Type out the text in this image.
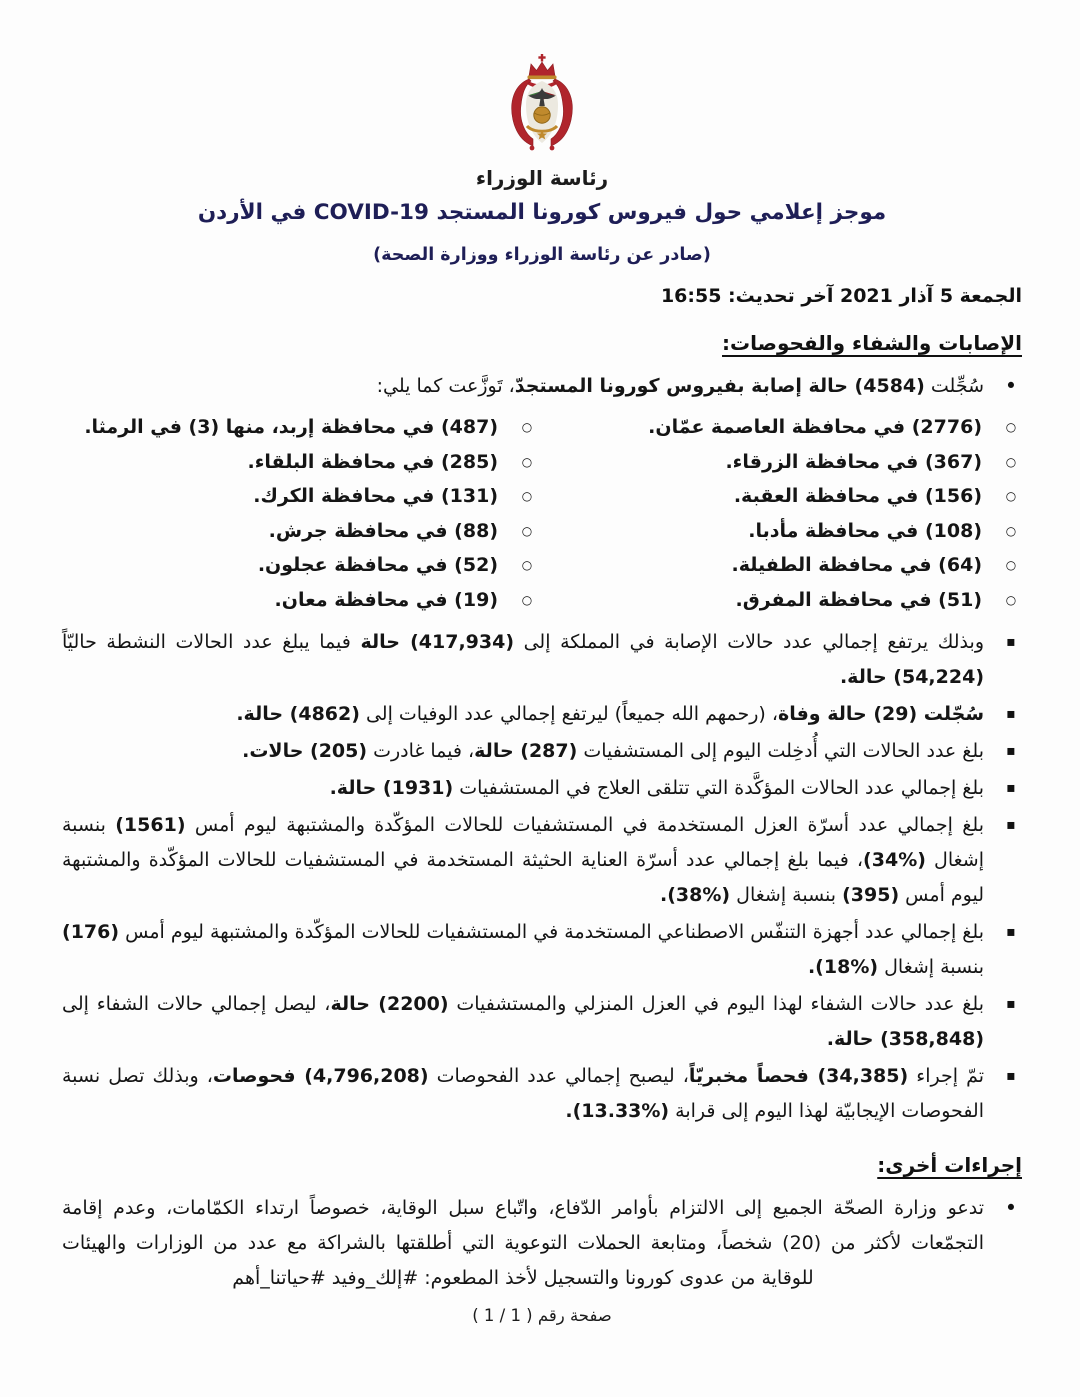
رئاسة الوزراء
موجز إعلامي حول فيروس كورونا المستجد COVID-19 في الأردن
(صادر عن رئاسة الوزراء ووزارة الصحة)
الجمعة 5 آذار 2021 آخر تحديث: 16:55
الإصابات والشفاء والفحوصات:
•
سُجِّلت (4584) حالة إصابة بفيروس كورونا المستجدّ، تَوزَّعت كما يلي:
○
(2776) في محافظة العاصمة عمّان.
○
(487) في محافظة إربد، منها (3) في الرمثا.
○
(367) في محافظة الزرقاء.
○
(285) في محافظة البلقاء.
○
(156) في محافظة العقبة.
○
(131) في محافظة الكرك.
○
(108) في محافظة مأدبا.
○
(88) في محافظة جرش.
○
(64) في محافظة الطفيلة.
○
(52) في محافظة عجلون.
○
(51) في محافظة المفرق.
○
(19) في محافظة معان.
▪
وبذلك يرتفع إجمالي عدد حالات الإصابة في المملكة إلى (417,934) حالة فيما يبلغ عدد الحالات النشطة حاليّاً (54,224) حالة.
▪
سُجّلت (29) حالة وفاة، (رحمهم الله جميعاً) ليرتفع إجمالي عدد الوفيات إلى (4862) حالة.
▪
بلغ عدد الحالات التي أُدخِلت اليوم إلى المستشفيات (287) حالة، فيما غادرت (205) حالات.
▪
بلغ إجمالي عدد الحالات المؤكَّدة التي تتلقى العلاج في المستشفيات (1931) حالة.
▪
بلغ إجمالي عدد أسرّة العزل المستخدمة في المستشفيات للحالات المؤكّدة والمشتبهة ليوم أمس (1561) بنسبة إشغال (%34)، فيما بلغ إجمالي عدد أسرّة العناية الحثيثة المستخدمة في المستشفيات للحالات المؤكّدة والمشتبهة ليوم أمس (395) بنسبة إشغال (%38).
▪
بلغ إجمالي عدد أجهزة التنفّس الاصطناعي المستخدمة في المستشفيات للحالات المؤكّدة والمشتبهة ليوم أمس (176) بنسبة إشغال (%18).
▪
بلغ عدد حالات الشفاء لهذا اليوم في العزل المنزلي والمستشفيات (2200) حالة، ليصل إجمالي حالات الشفاء إلى (358,848) حالة.
▪
تمّ إجراء (34,385) فحصاً مخبريّاً، ليصبح إجمالي عدد الفحوصات (4,796,208) فحوصات، وبذلك تصل نسبة الفحوصات الإيجابيّة لهذا اليوم إلى قرابة (%13.33).
إجراءات أخرى:
•
تدعو وزارة الصحّة الجميع إلى الالتزام بأوامر الدّفاع، واتّباع سبل الوقاية، خصوصاً ارتداء الكمّامات، وعدم إقامة التجمّعات لأكثر من (20) شخصاً، ومتابعة الحملات التوعوية التي أطلقتها بالشراكة مع عدد من الوزارات والهيئات للوقاية من عدوى كورونا والتسجيل لأخذ المطعوم: #إلك_وفيد #حياتنا_أهم
صفحة رقم ( 1 / 1 )
